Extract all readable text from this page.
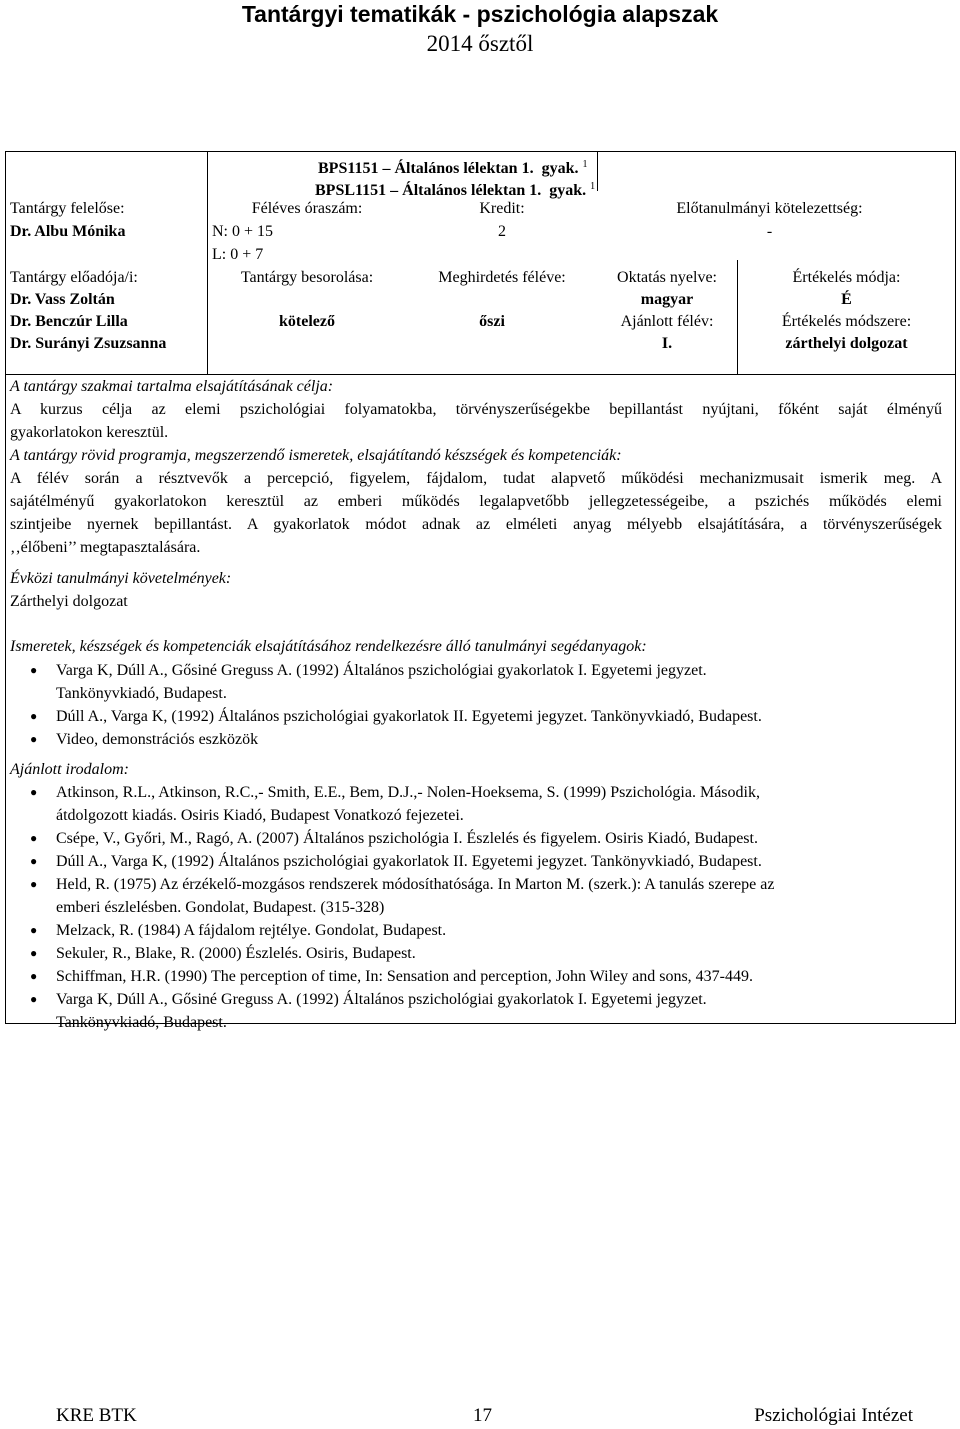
Tantárgyi tematikák - pszichológia alapszak
2014 ősztől
BPS1151 – Általános lélektan 1. gyak. $^1$
BPSL1151 – Általános lélektan 1. gyak. $^1$
Tantárgy felelőse:
Dr. Albu Mónika
Féléves óraszám:
N: 0 + 15
L: 0 + 7
Kredit:
2
Előtanulmányi kötelezettség:
-
Tantárgy előadója/i:
Dr. Vass Zoltán
Dr. Benczúr Lilla
Dr. Surányi Zsuzsanna
Tantárgy besorolása:
kötelező
Meghirdetés féléve:
őszi
Oktatás nyelve:
magyar
Ajánlott félév:
I.
Értékelés módja:
É
Értékelés módszere:
zárthelyi dolgozat
A tantárgy szakmai tartalma elsajátításának célja:
A kurzus célja az elemi pszichológiai folyamatokba, törvényszerűségekbe bepillantást nyújtani, főként saját élményű
gyakorlatokon keresztül.
A tantárgy rövid programja, megszerzendő ismeretek, elsajátítandó készségek és kompetenciák:
A félév során a résztvevők a percepció, figyelem, fájdalom, tudat alapvető működési mechanizmusait ismerik meg. A
sajátélményű gyakorlatokon keresztül az emberi működés legalapvetőbb jellegzetességeibe, a pszichés működés elemi
szintjeibe nyernek bepillantást. A gyakorlatok módot adnak az elméleti anyag mélyebb elsajátítására, a törvényszerűségek
‚‚élőbeni’’ megtapasztalására.
Évközi tanulmányi követelmények:
Zárthelyi dolgozat
Ismeretek, készségek és kompetenciák elsajátításához rendelkezésre álló tanulmányi segédanyagok:
● Varga K, Dúll A., Gősiné Greguss A. (1992) Általános pszichológiai gyakorlatok I. Egyetemi jegyzet.
Tankönyvkiadó, Budapest.
● Dúll A., Varga K, (1992) Általános pszichológiai gyakorlatok II. Egyetemi jegyzet. Tankönyvkiadó, Budapest.
● Video, demonstrációs eszközök
Ajánlott irodalom:
● Atkinson, R.L., Atkinson, R.C.,- Smith, E.E., Bem, D.J.,- Nolen-Hoeksema, S. (1999) Pszichológia. Második,
átdolgozott kiadás. Osiris Kiadó, Budapest Vonatkozó fejezetei.
● Csépe, V., Győri, M., Ragó, A. (2007) Általános pszichológia I. Észlelés és figyelem. Osiris Kiadó, Budapest.
● Dúll A., Varga K, (1992) Általános pszichológiai gyakorlatok II. Egyetemi jegyzet. Tankönyvkiadó, Budapest.
● Held, R. (1975) Az érzékelő-mozgásos rendszerek módosíthatósága. In Marton M. (szerk.): A tanulás szerepe az
emberi észlelésben. Gondolat, Budapest. (315-328)
● Melzack, R. (1984) A fájdalom rejtélye. Gondolat, Budapest.
● Sekuler, R., Blake, R. (2000) Észlelés. Osiris, Budapest.
● Schiffman, H.R. (1990) The perception of time, In: Sensation and perception, John Wiley and sons, 437-449.
● Varga K, Dúll A., Gősiné Greguss A. (1992) Általános pszichológiai gyakorlatok I. Egyetemi jegyzet.
Tankönyvkiadó, Budapest.
KRE BTK	17	Pszichológiai Intézet
